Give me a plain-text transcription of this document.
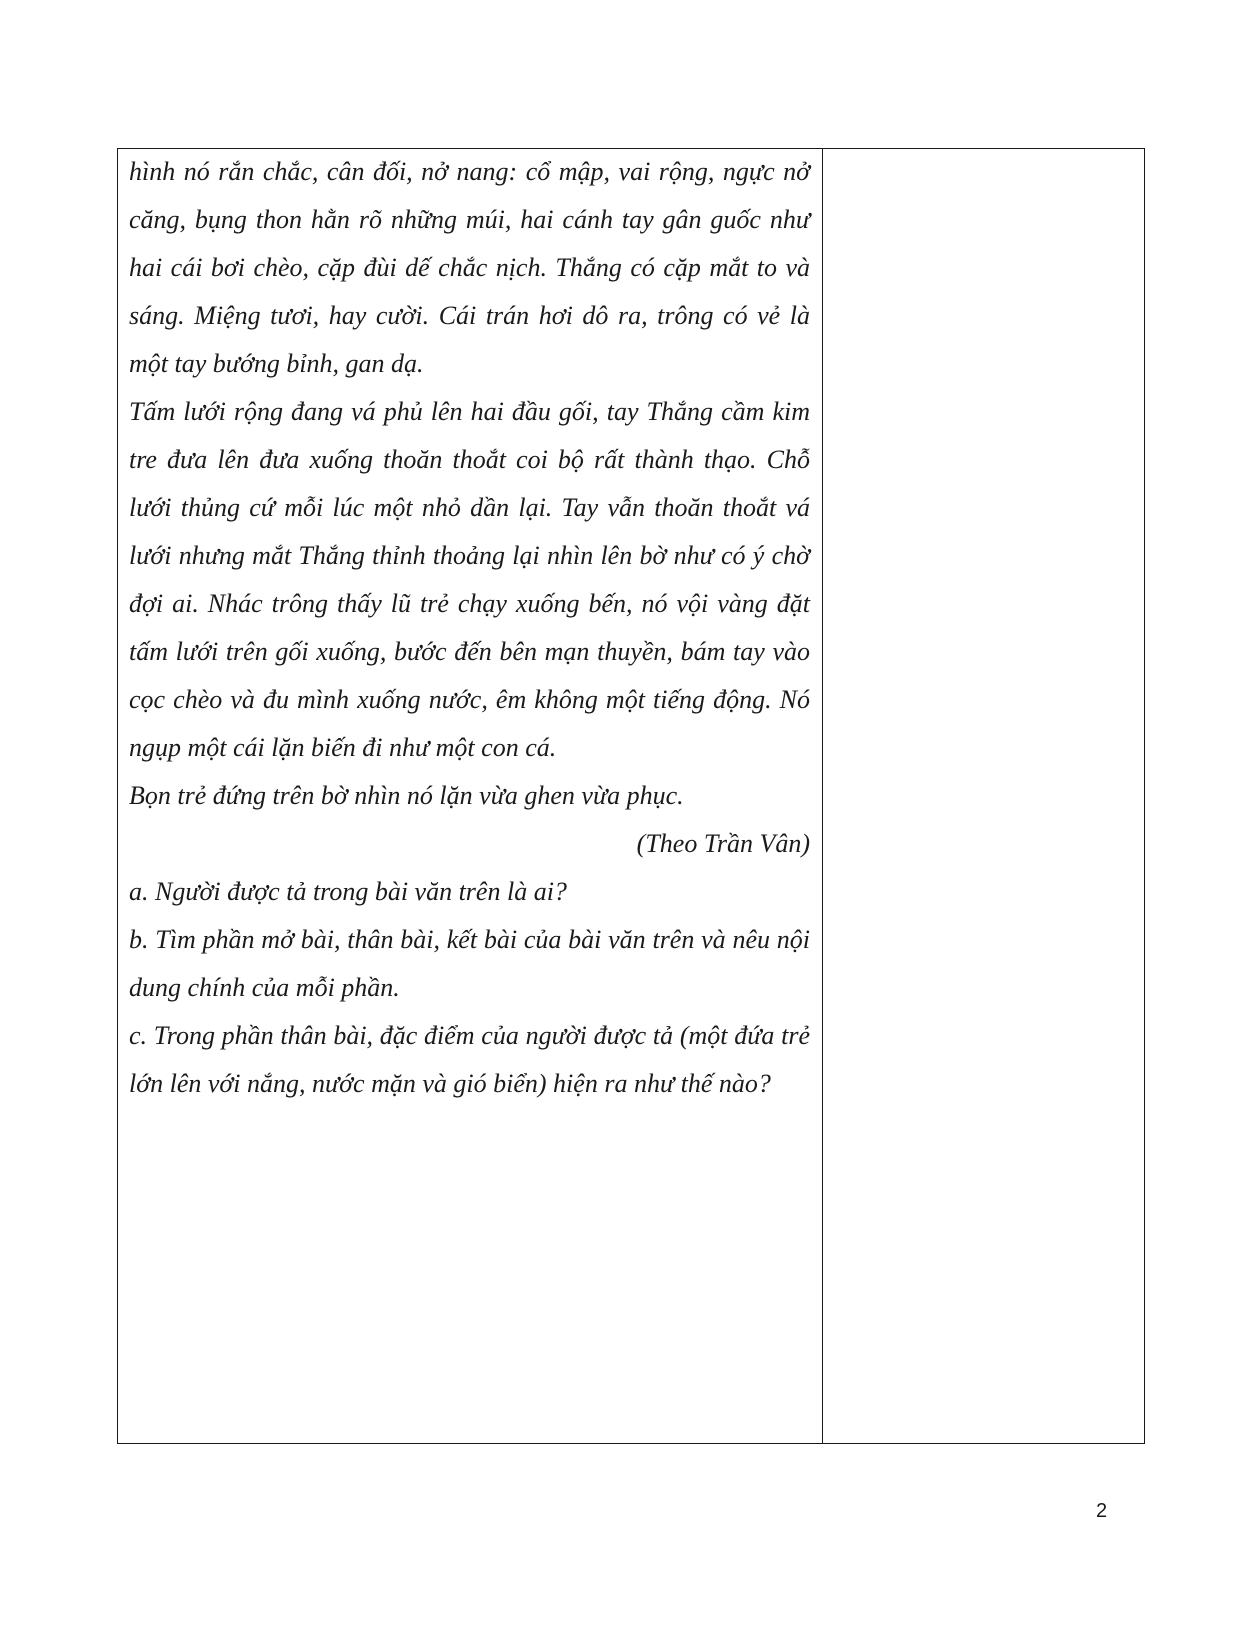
hình nó rắn chắc, cân đối, nở nang: cổ mập, vai rộng, ngực nở căng, bụng thon hằn rõ những múi, hai cánh tay gân guốc như hai cái bơi chèo, cặp đùi dế chắc nịch. Thắng có cặp mắt to và sáng. Miệng tươi, hay cười. Cái trán hơi dô ra, trông có vẻ là một tay bướng bỉnh, gan dạ.

Tấm lưới rộng đang vá phủ lên hai đầu gối, tay Thắng cầm kim tre đưa lên đưa xuống thoăn thoắt coi bộ rất thành thạo. Chỗ lưới thủng cứ mỗi lúc một nhỏ dần lại. Tay vẫn thoăn thoắt vá lưới nhưng mắt Thắng thỉnh thoảng lại nhìn lên bờ như có ý chờ đợi ai. Nhác trông thấy lũ trẻ chạy xuống bến, nó vội vàng đặt tấm lưới trên gối xuống, bước đến bên mạn thuyền, bám tay vào cọc chèo và đu mình xuống nước, êm không một tiếng động. Nó ngụp một cái lặn biến đi như một con cá.

Bọn trẻ đứng trên bờ nhìn nó lặn vừa ghen vừa phục.

(Theo Trần Vân)

a. Người được tả trong bài văn trên là ai?

b. Tìm phần mở bài, thân bài, kết bài của bài văn trên và nêu nội dung chính của mỗi phần.

c. Trong phần thân bài, đặc điểm của người được tả (một đứa trẻ lớn lên với nắng, nước mặn và gió biển) hiện ra như thế nào?

2
